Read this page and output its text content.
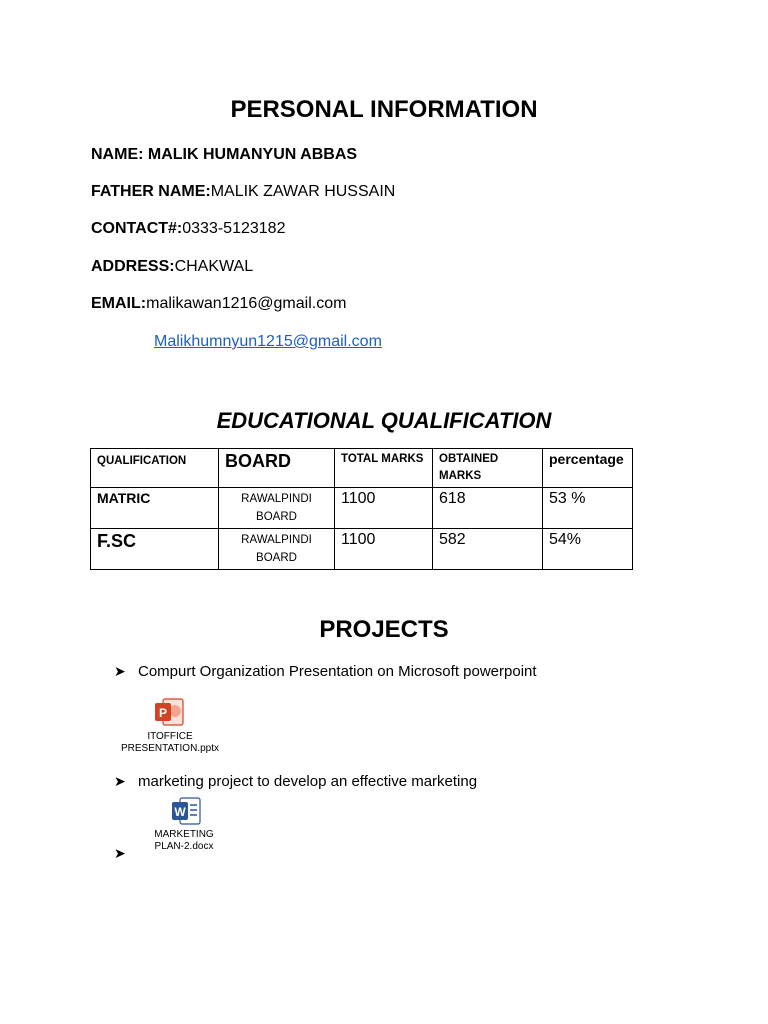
PERSONAL INFORMATION
NAME: MALIK HUMANYUN ABBAS
FATHER NAME:MALIK ZAWAR HUSSAIN
CONTACT#:0333-5123182
ADDRESS:CHAKWAL
EMAIL:malikawan1216@gmail.com
Malikhumnyun1215@gmail.com
EDUCATIONAL QUALIFICATION
QUALIFICATION	BOARD	TOTAL MARKS	OBTAINED MARKS	percentage
MATRIC	RAWALPINDI BOARD	1100	618	53 %
F.SC	RAWALPINDI BOARD	1100	582	54%
PROJECTS
➤ Compurt Organization Presentation on Microsoft powerpoint
P
ITOFFICE
PRESENTATION.pptx
➤ marketing project to develop an effective marketing
W
MARKETING
PLAN-2.docx
➤
